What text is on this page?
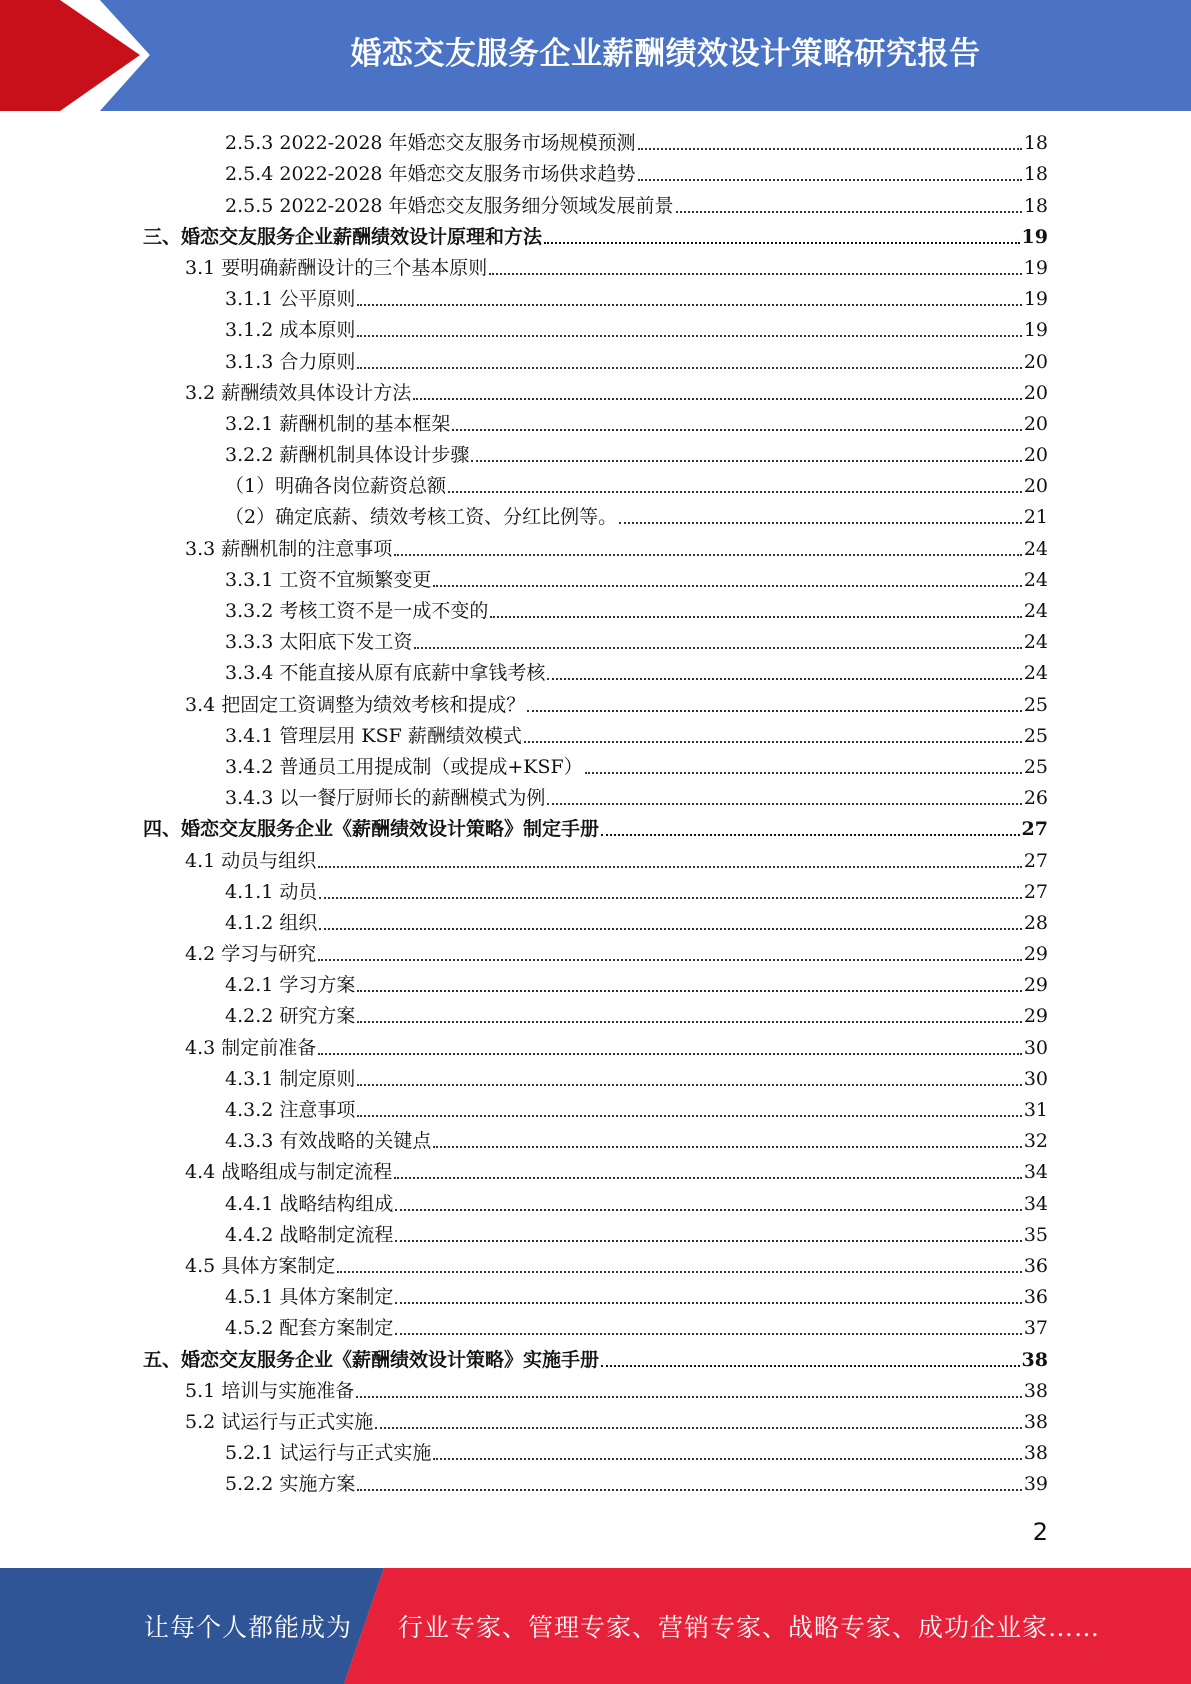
婚恋交友服务企业薪酬绩效设计策略研究报告
2.5.3 2022-2028 年婚恋交友服务市场规模预测	18
2.5.4 2022-2028 年婚恋交友服务市场供求趋势	18
2.5.5 2022-2028 年婚恋交友服务细分领域发展前景	18
三、婚恋交友服务企业薪酬绩效设计原理和方法	19
3.1 要明确薪酬设计的三个基本原则	19
3.1.1 公平原则	19
3.1.2 成本原则	19
3.1.3 合力原则	20
3.2 薪酬绩效具体设计方法	20
3.2.1 薪酬机制的基本框架	20
3.2.2 薪酬机制具体设计步骤	20
（1）明确各岗位薪资总额	20
（2）确定底薪、绩效考核工资、分红比例等。	21
3.3 薪酬机制的注意事项	24
3.3.1 工资不宜频繁变更	24
3.3.2 考核工资不是一成不变的	24
3.3.3 太阳底下发工资	24
3.3.4 不能直接从原有底薪中拿钱考核	24
3.4 把固定工资调整为绩效考核和提成？	25
3.4.1 管理层用 KSF 薪酬绩效模式	25
3.4.2 普通员工用提成制（或提成+KSF）	25
3.4.3 以一餐厅厨师长的薪酬模式为例	26
四、婚恋交友服务企业《薪酬绩效设计策略》制定手册	27
4.1 动员与组织	27
4.1.1 动员	27
4.1.2 组织	28
4.2 学习与研究	29
4.2.1 学习方案	29
4.2.2 研究方案	29
4.3 制定前准备	30
4.3.1 制定原则	30
4.3.2 注意事项	31
4.3.3 有效战略的关键点	32
4.4 战略组成与制定流程	34
4.4.1 战略结构组成	34
4.4.2 战略制定流程	35
4.5 具体方案制定	36
4.5.1 具体方案制定	36
4.5.2 配套方案制定	37
五、婚恋交友服务企业《薪酬绩效设计策略》实施手册	38
5.1 培训与实施准备	38
5.2 试运行与正式实施	38
5.2.1 试运行与正式实施	38
5.2.2 实施方案	39
2
让每个人都能成为 行业专家、管理专家、营销专家、战略专家、成功企业家……
